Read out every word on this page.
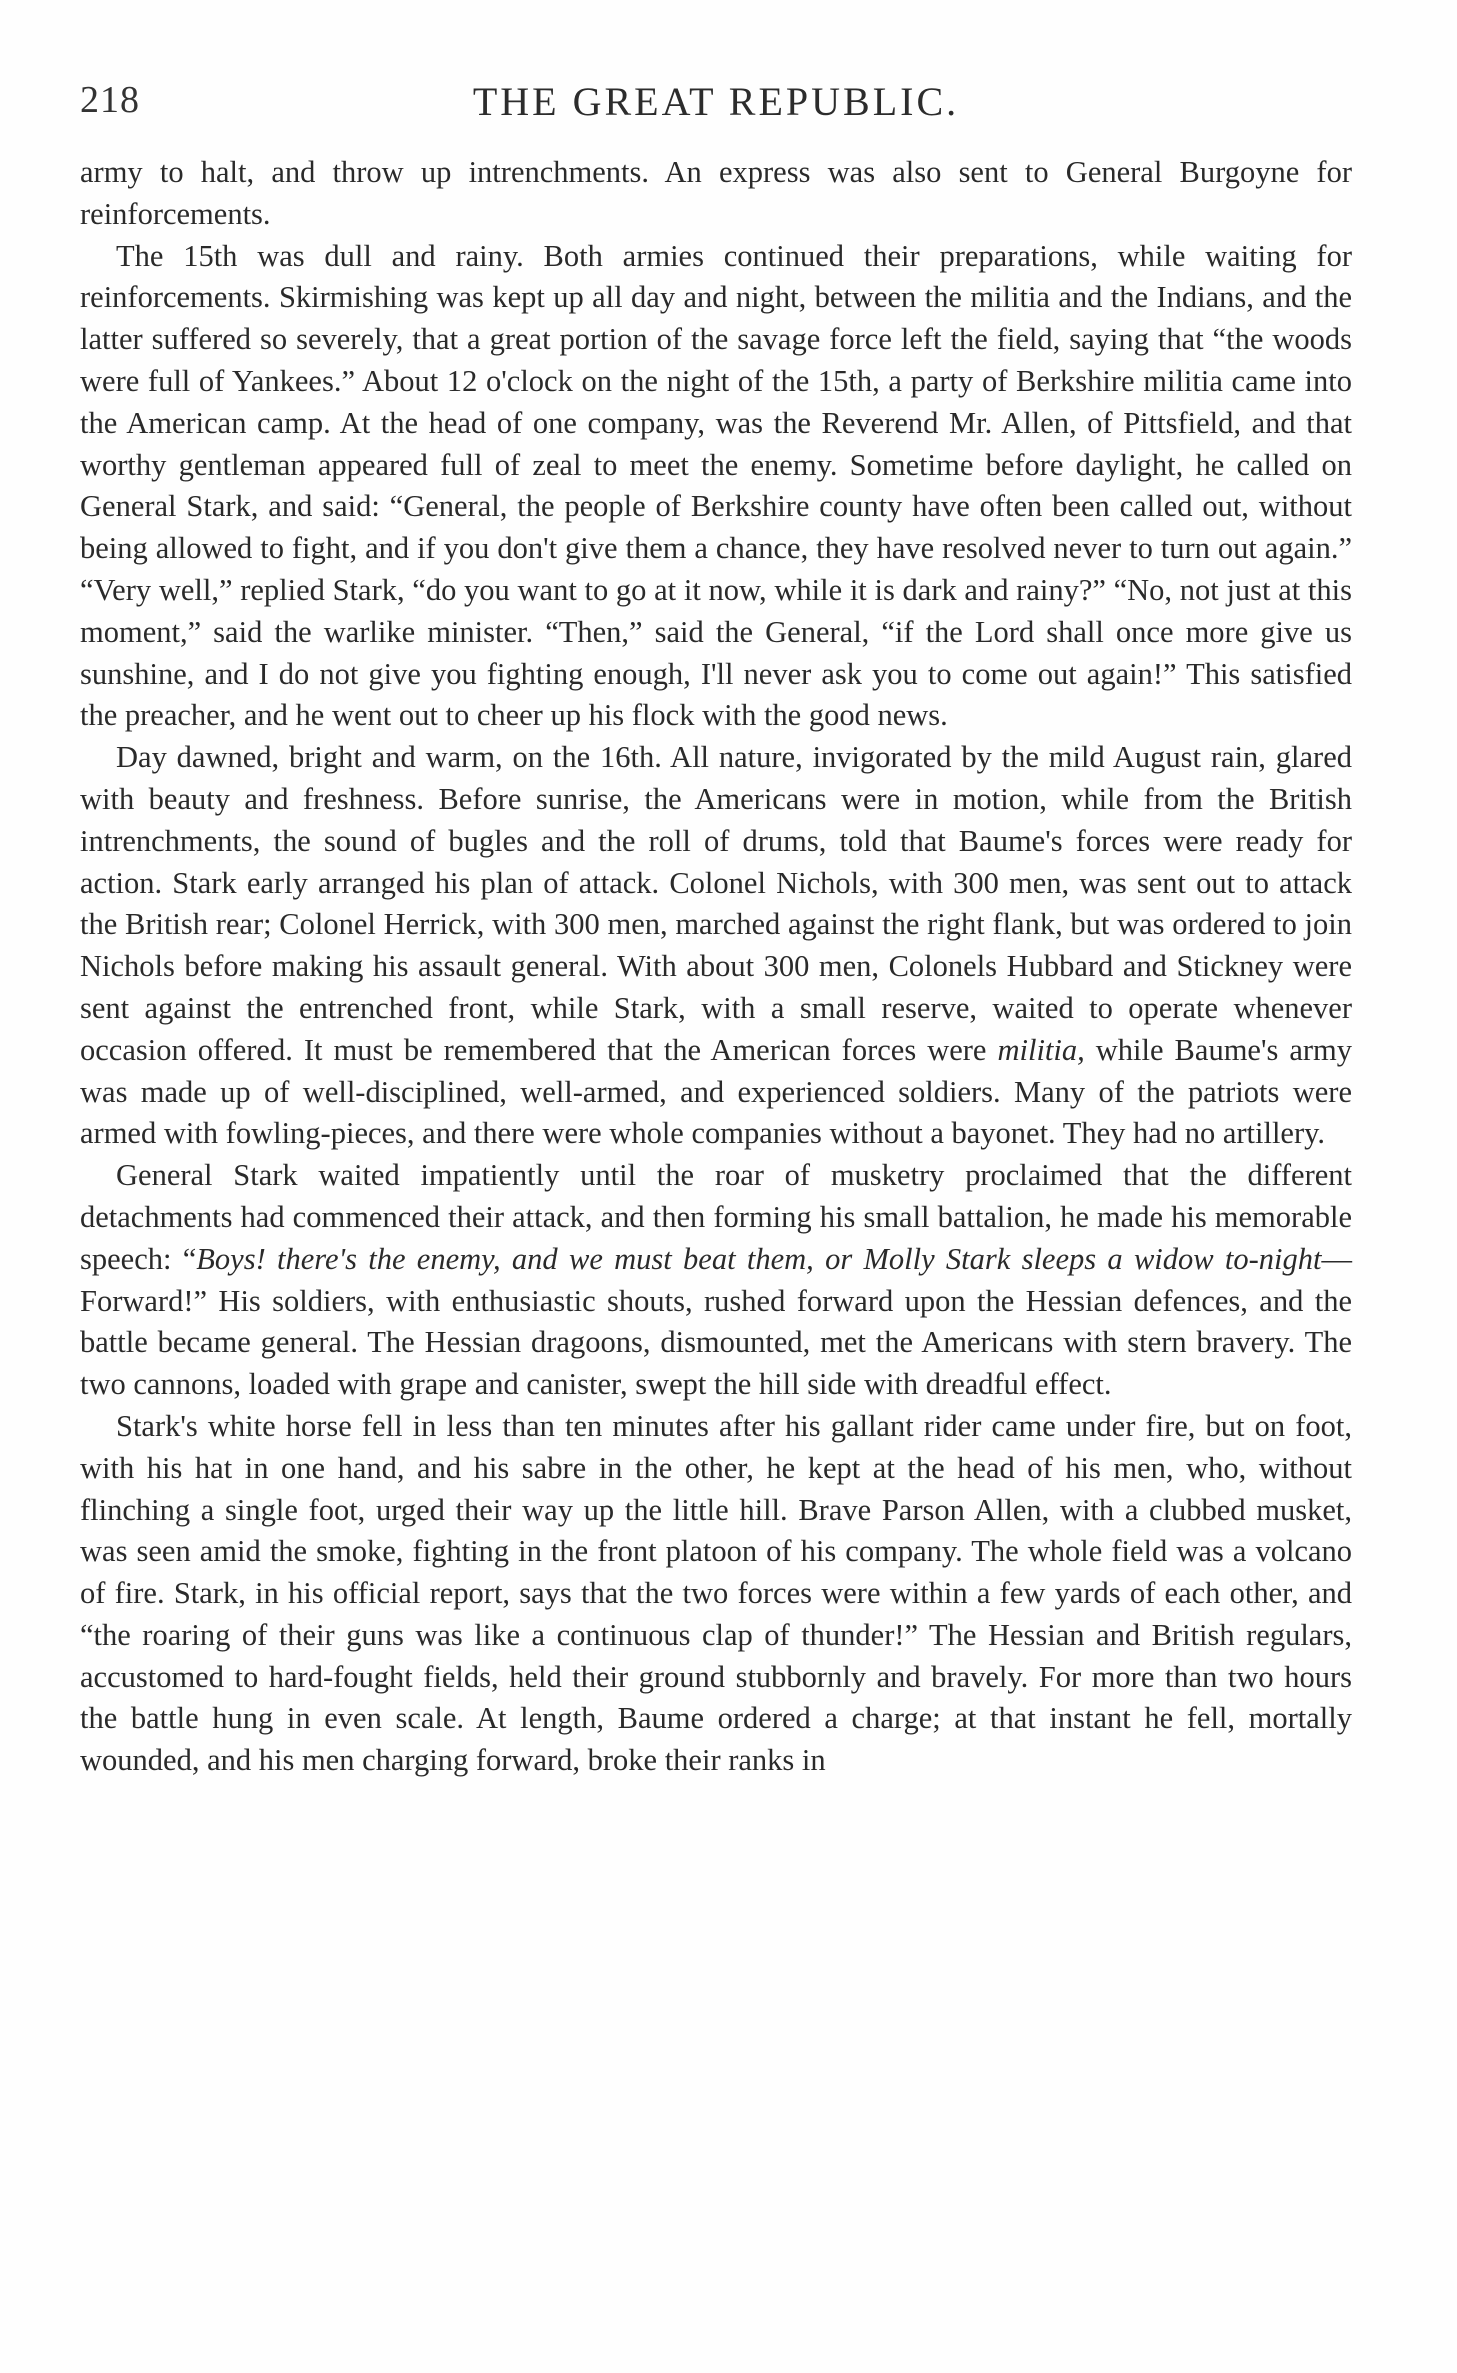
218	THE GREAT REPUBLIC.

army to halt, and throw up intrenchments. An express was also sent to General Burgoyne for reinforcements.

The 15th was dull and rainy. Both armies continued their preparations, while waiting for reinforcements. Skirmishing was kept up all day and night, between the militia and the Indians, and the latter suffered so severely, that a great portion of the savage force left the field, saying that “the woods were full of Yankees.” About 12 o'clock on the night of the 15th, a party of Berkshire militia came into the American camp. At the head of one company, was the Reverend Mr. Allen, of Pittsfield, and that worthy gentleman appeared full of zeal to meet the enemy. Sometime before daylight, he called on General Stark, and said: “General, the people of Berkshire county have often been called out, without being allowed to fight, and if you don't give them a chance, they have resolved never to turn out again.” “Very well,” replied Stark, “do you want to go at it now, while it is dark and rainy?” “No, not just at this moment,” said the warlike minister. “Then,” said the General, “if the Lord shall once more give us sunshine, and I do not give you fighting enough, I'll never ask you to come out again!” This satisfied the preacher, and he went out to cheer up his flock with the good news.

Day dawned, bright and warm, on the 16th. All nature, invigorated by the mild August rain, glared with beauty and freshness. Before sunrise, the Americans were in motion, while from the British intrenchments, the sound of bugles and the roll of drums, told that Baume's forces were ready for action. Stark early arranged his plan of attack. Colonel Nichols, with 300 men, was sent out to attack the British rear; Colonel Herrick, with 300 men, marched against the right flank, but was ordered to join Nichols before making his assault general. With about 300 men, Colonels Hubbard and Stickney were sent against the entrenched front, while Stark, with a small reserve, waited to operate whenever occasion offered. It must be remembered that the American forces were militia, while Baume's army was made up of well-disciplined, well-armed, and experienced soldiers. Many of the patriots were armed with fowling-pieces, and there were whole companies without a bayonet. They had no artillery.

General Stark waited impatiently until the roar of musketry proclaimed that the different detachments had commenced their attack, and then forming his small battalion, he made his memorable speech: “Boys! there's the enemy, and we must beat them, or Molly Stark sleeps a widow to-night—Forward!” His soldiers, with enthusiastic shouts, rushed forward upon the Hessian defences, and the battle became general. The Hessian dragoons, dismounted, met the Americans with stern bravery. The two cannons, loaded with grape and canister, swept the hill side with dreadful effect.

Stark's white horse fell in less than ten minutes after his gallant rider came under fire, but on foot, with his hat in one hand, and his sabre in the other, he kept at the head of his men, who, without flinching a single foot, urged their way up the little hill. Brave Parson Allen, with a clubbed musket, was seen amid the smoke, fighting in the front platoon of his company. The whole field was a volcano of fire. Stark, in his official report, says that the two forces were within a few yards of each other, and “the roaring of their guns was like a continuous clap of thunder!” The Hessian and British regulars, accustomed to hard-fought fields, held their ground stubbornly and bravely. For more than two hours the battle hung in even scale. At length, Baume ordered a charge; at that instant he fell, mortally wounded, and his men charging forward, broke their ranks in
